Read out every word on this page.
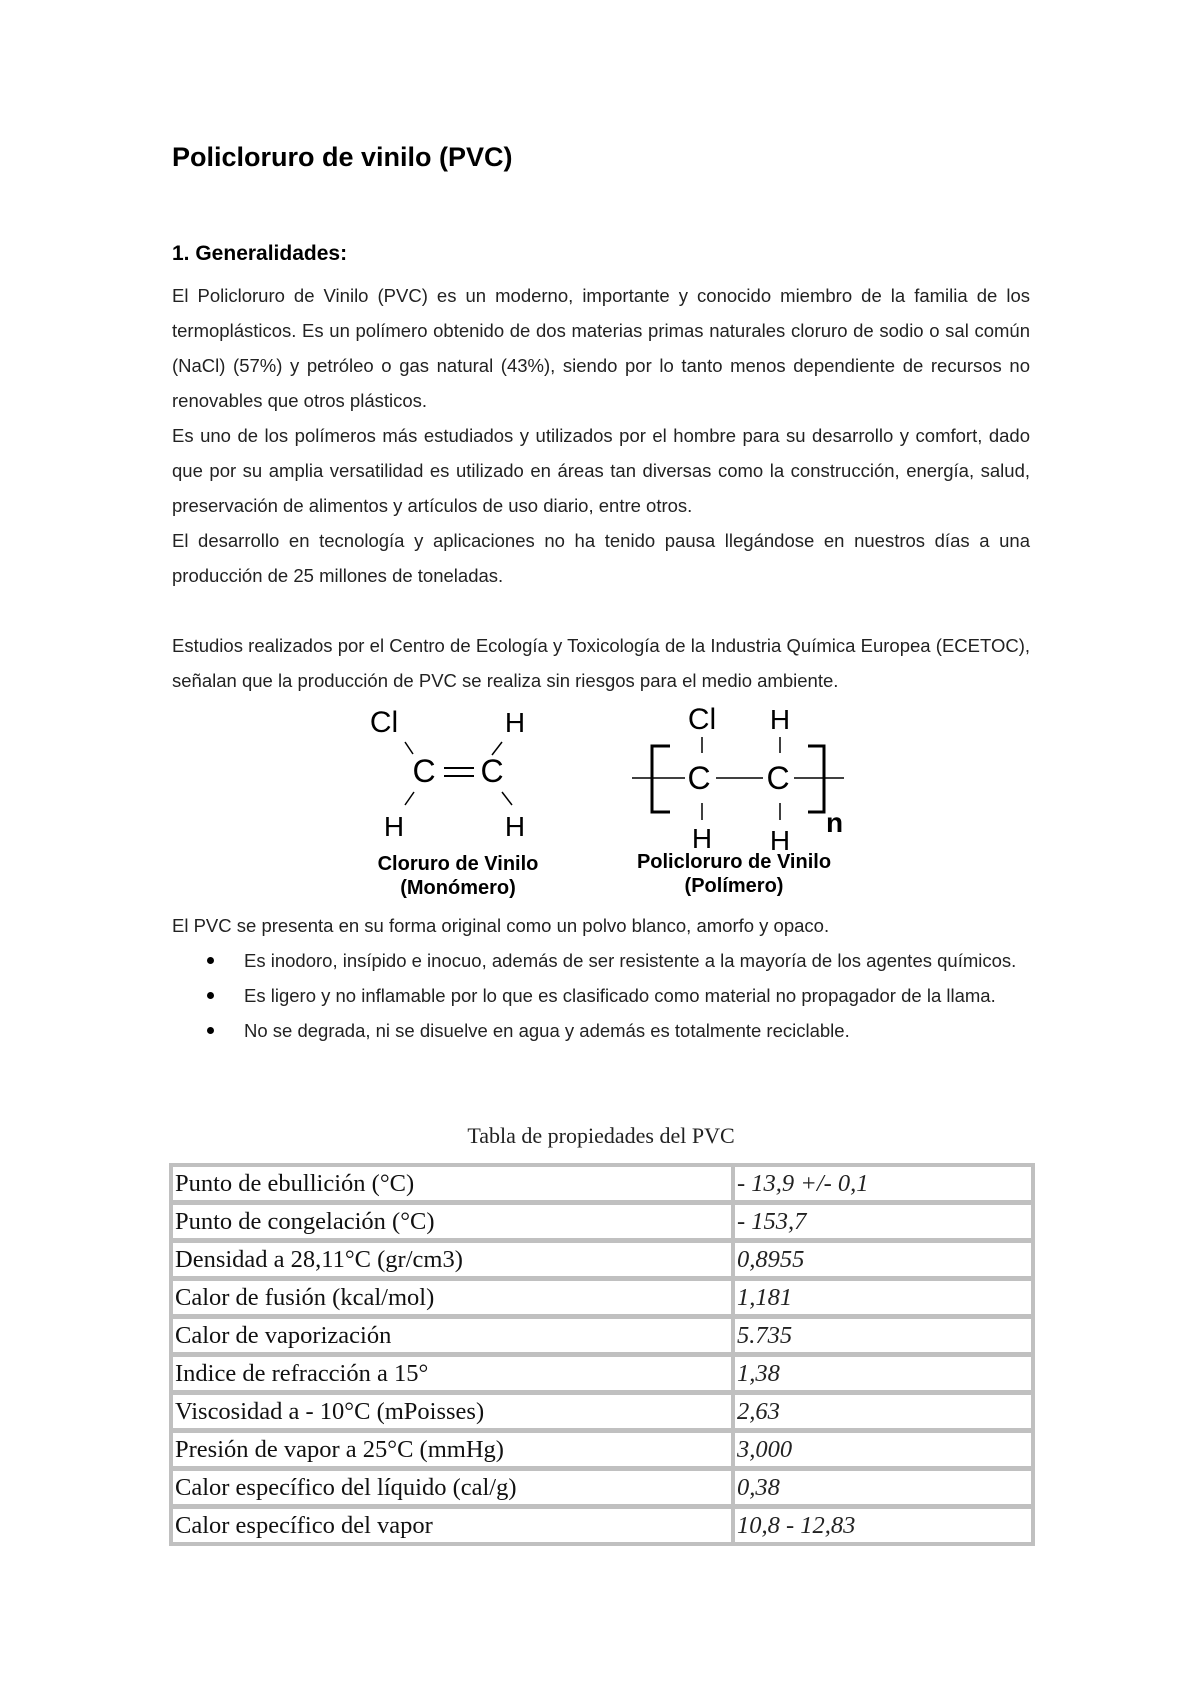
Policloruro de vinilo (PVC)
1. Generalidades:

El Policloruro de Vinilo (PVC) es un moderno, importante y conocido miembro de la familia de los termoplásticos. Es un polímero obtenido de dos materias primas naturales cloruro de sodio o sal común (NaCl) (57%) y petróleo o gas natural (43%), siendo por lo tanto menos dependiente de recursos no renovables que otros plásticos.

Es uno de los polímeros más estudiados y utilizados por el hombre para su desarrollo y comfort, dado que por su amplia versatilidad es utilizado en áreas tan diversas como la construcción, energía, salud, preservación de alimentos y artículos de uso diario, entre otros.

El desarrollo en tecnología y aplicaciones no ha tenido pausa llegándose en nuestros días a una producción de 25 millones de toneladas.

Estudios realizados por el Centro de Ecología y Toxicología de la Industria Química Europea (ECETOC), señalan que la producción de PVC se realiza sin riesgos para el medio ambiente.

Cl	H
C C
H	H
Cloruro de Vinilo
(Monómero)
Cl H
C C
H H
n
Policloruro de Vinilo
(Polímero)

El PVC se presenta en su forma original como un polvo blanco, amorfo y opaco.

Es inodoro, insípido e inocuo, además de ser resistente a la mayoría de los agentes químicos.
Es ligero y no inflamable por lo que es clasificado como material no propagador de la llama.
No se degrada, ni se disuelve en agua y además es totalmente reciclable.

Tabla de propiedades del PVC

Punto de ebullición (°C)	- 13,9 +/- 0,1
Punto de congelación (°C)	- 153,7
Densidad a 28,11°C (gr/cm3)	0,8955
Calor de fusión (kcal/mol)	1,181
Calor de vaporización	5.735
Indice de refracción a 15°	1,38
Viscosidad a - 10°C (mPoisses)	2,63
Presión de vapor a 25°C (mmHg)	3,000
Calor específico del líquido (cal/g)	0,38
Calor específico del vapor	10,8 - 12,83
